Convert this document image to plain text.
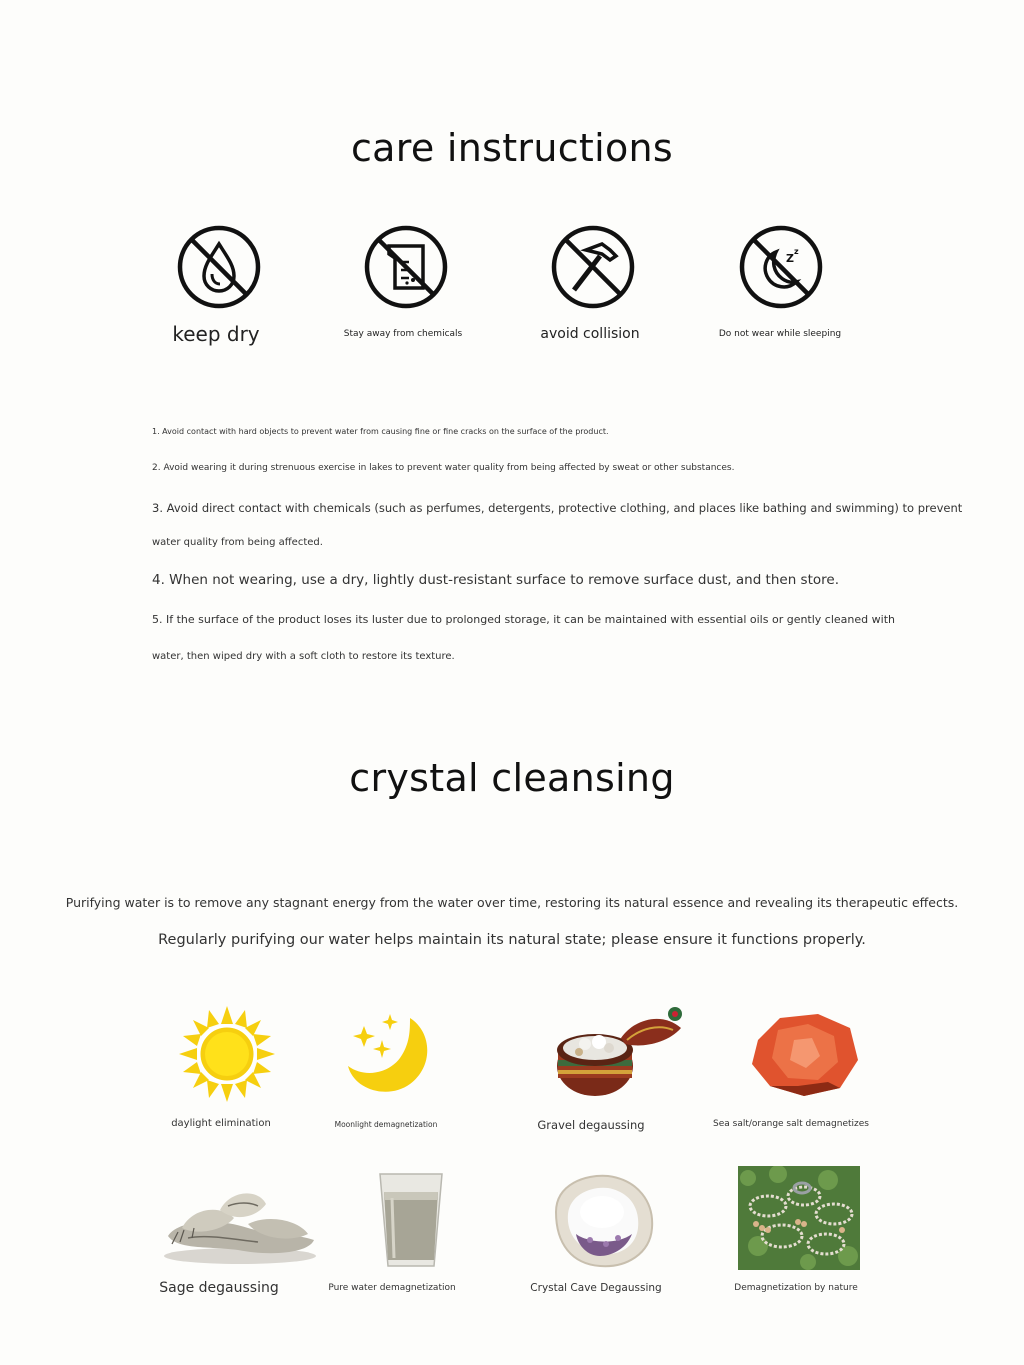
care instructions
Z
z
keep dry	Stay away from chemicals	avoid collision	Do not wear while sleeping
1. Avoid contact with hard objects to prevent water from causing fine or fine cracks on the surface of the product.
2. Avoid wearing it during strenuous exercise in lakes to prevent water quality from being affected by sweat or other substances.
3. Avoid direct contact with chemicals (such as perfumes, detergents, protective clothing, and places like bathing and swimming) to prevent
water quality from being affected.
4. When not wearing, use a dry, lightly dust-resistant surface to remove surface dust, and then store.
5. If the surface of the product loses its luster due to prolonged storage, it can be maintained with essential oils or gently cleaned with
water, then wiped dry with a soft cloth to restore its texture.
crystal cleansing
Purifying water is to remove any stagnant energy from the water over time, restoring its natural essence and revealing its therapeutic effects.
Regularly purifying our water helps maintain its natural state; please ensure it functions properly.
daylight elimination	Moonlight demagnetization	Gravel degaussing	Sea salt/orange salt demagnetizes
Sage degaussing	Pure water demagnetization	Crystal Cave Degaussing	Demagnetization by nature
